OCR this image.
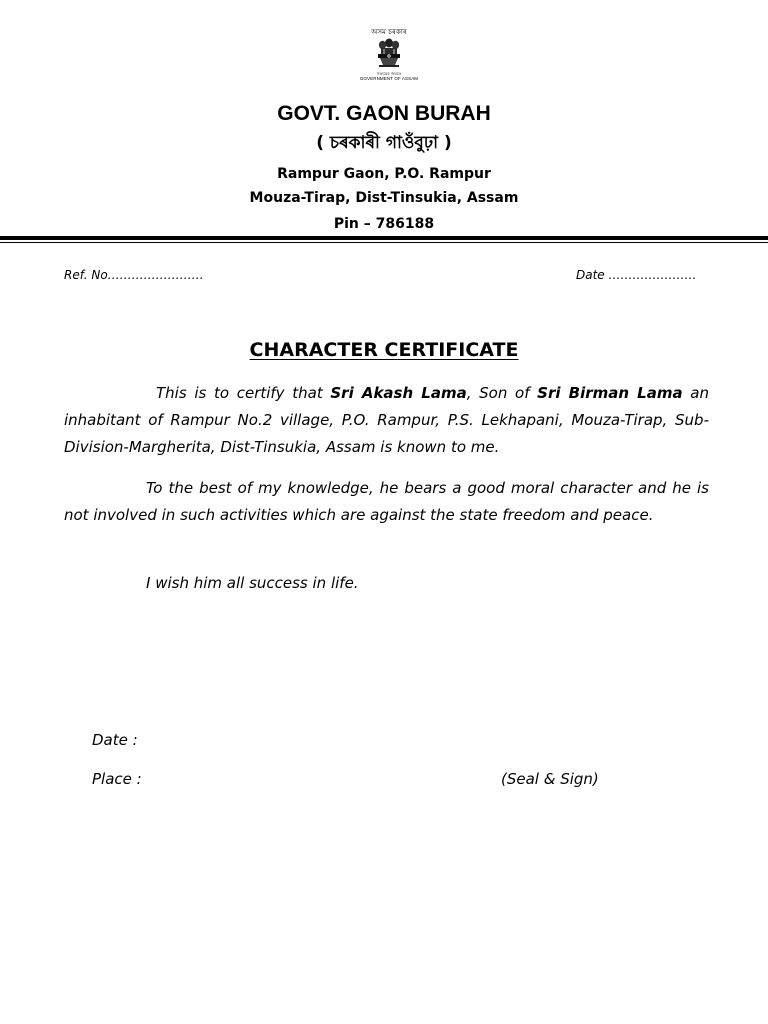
অসম চৰকাৰ
সত্যমেৱ জয়তে
GOVERNMENT OF ASSAM
GOVT. GAON BURAH
( চৰকাৰী গাওঁবুঢ়া )
Rampur Gaon, P.O. Rampur
Mouza-Tirap, Dist-Tinsukia, Assam
Pin – 786188
Ref. No……………………	Date ………………….
CHARACTER CERTIFICATE
This is to certify that Sri Akash Lama, Son of Sri Birman Lama an inhabitant of Rampur No.2 village, P.O. Rampur, P.S. Lekhapani, Mouza-Tirap, Sub-Division-Margherita, Dist-Tinsukia, Assam is known to me.
To the best of my knowledge, he bears a good moral character and he is not involved in such activities which are against the state freedom and peace.
I wish him all success in life.
Date :
Place :	(Seal & Sign)
